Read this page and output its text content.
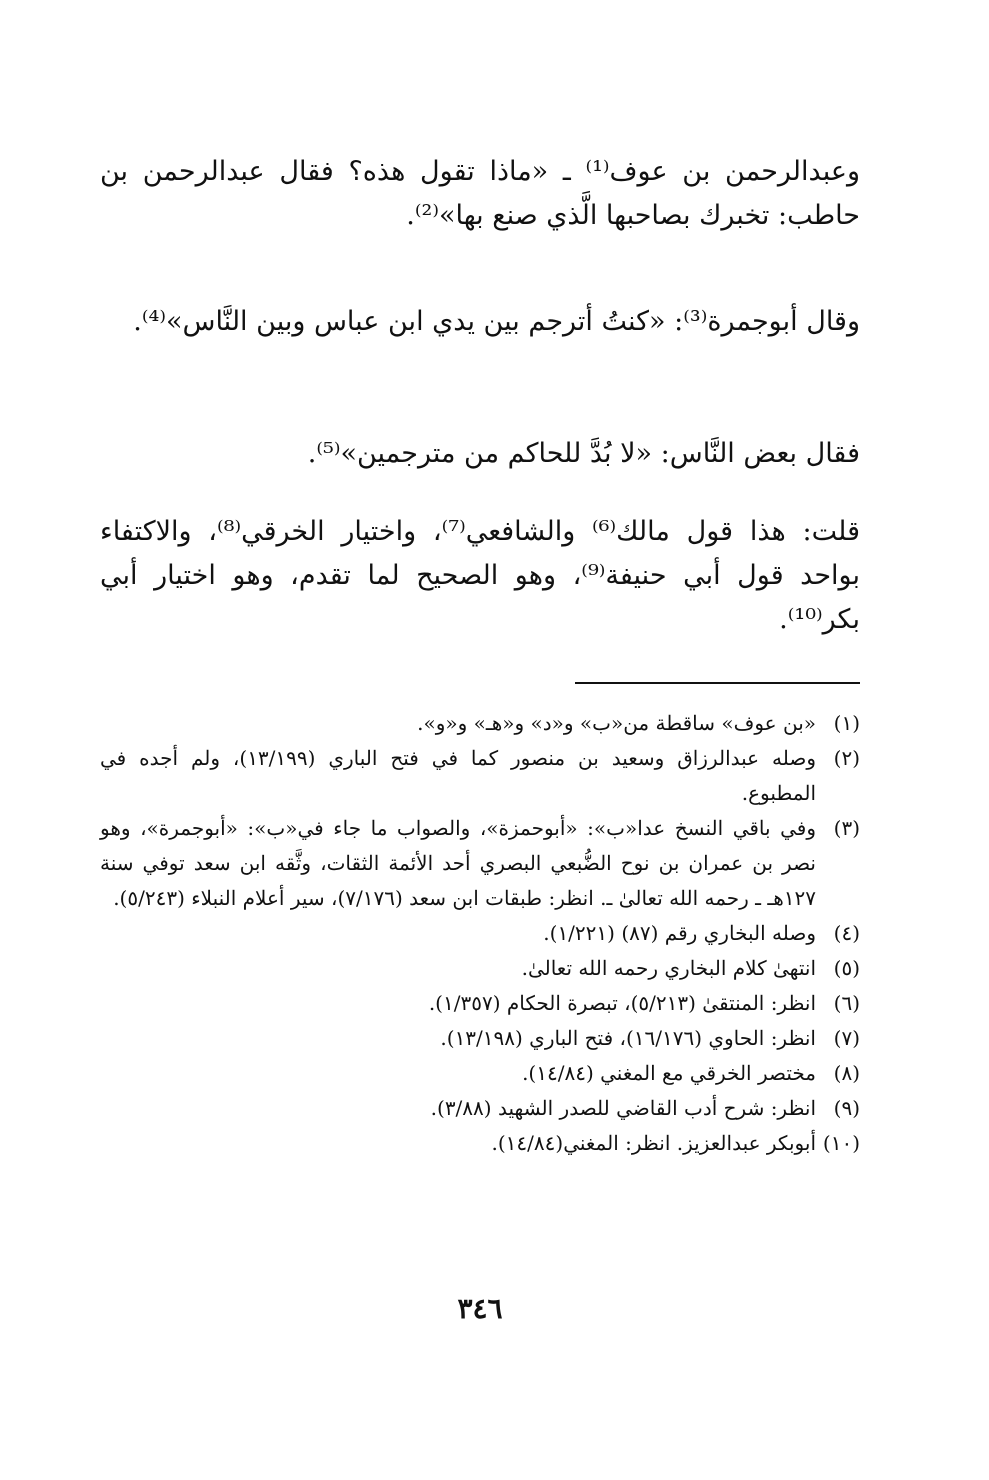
وعبدالرحمن بن عوف⁽¹⁾ ـ «ماذا تقول هذه؟ فقال عبدالرحمن بن حاطب: تخبرك بصاحبها الَّذي صنع بها»⁽²⁾.

وقال أبوجمرة⁽³⁾: «كنتُ أترجم بين يدي ابن عباس وبين النَّاس»⁽⁴⁾.

فقال بعض النَّاس: «لا بُدَّ للحاكم من مترجمين»⁽⁵⁾.

قلت: هذا قول مالك⁽⁶⁾ والشافعي⁽⁷⁾، واختيار الخرقي⁽⁸⁾، والاكتفاء بواحد قول أبي حنيفة⁽⁹⁾، وهو الصحيح لما تقدم، وهو اختيار أبي بكر⁽¹⁰⁾.

(١)
«بن عوف» ساقطة من«ب» و«د» و«هـ» و«و».
(٢)
وصله عبدالرزاق وسعيد بن منصور كما في فتح الباري (١٣/١٩٩)، ولم أجده في المطبوع.
(٣)
وفي باقي النسخ عدا«ب»: «أبوحمزة»، والصواب ما جاء في«ب»: «أبوجمرة»، وهو نصر بن عمران بن نوح الضُّبعي البصري أحد الأئمة الثقات، وثَّقه ابن سعد توفي سنة ١٢٧هـ ـ رحمه الله تعالىٰ ـ. انظر: طبقات ابن سعد (٧/١٧٦)، سير أعلام النبلاء (٥/٢٤٣).
(٤)
وصله البخاري رقم (٨٧) (١/٢٢١).
(٥)
انتهىٰ كلام البخاري رحمه الله تعالىٰ.
(٦)
انظر: المنتقىٰ (٥/٢١٣)، تبصرة الحكام (١/٣٥٧).
(٧)
انظر: الحاوي (١٦/١٧٦)، فتح الباري (١٣/١٩٨).
(٨)
مختصر الخرقي مع المغني (١٤/٨٤).
(٩)
انظر: شرح أدب القاضي للصدر الشهيد (٣/٨٨).
(١٠)
أبوبكر عبدالعزيز. انظر: المغني(١٤/٨٤).
٣٤٦
